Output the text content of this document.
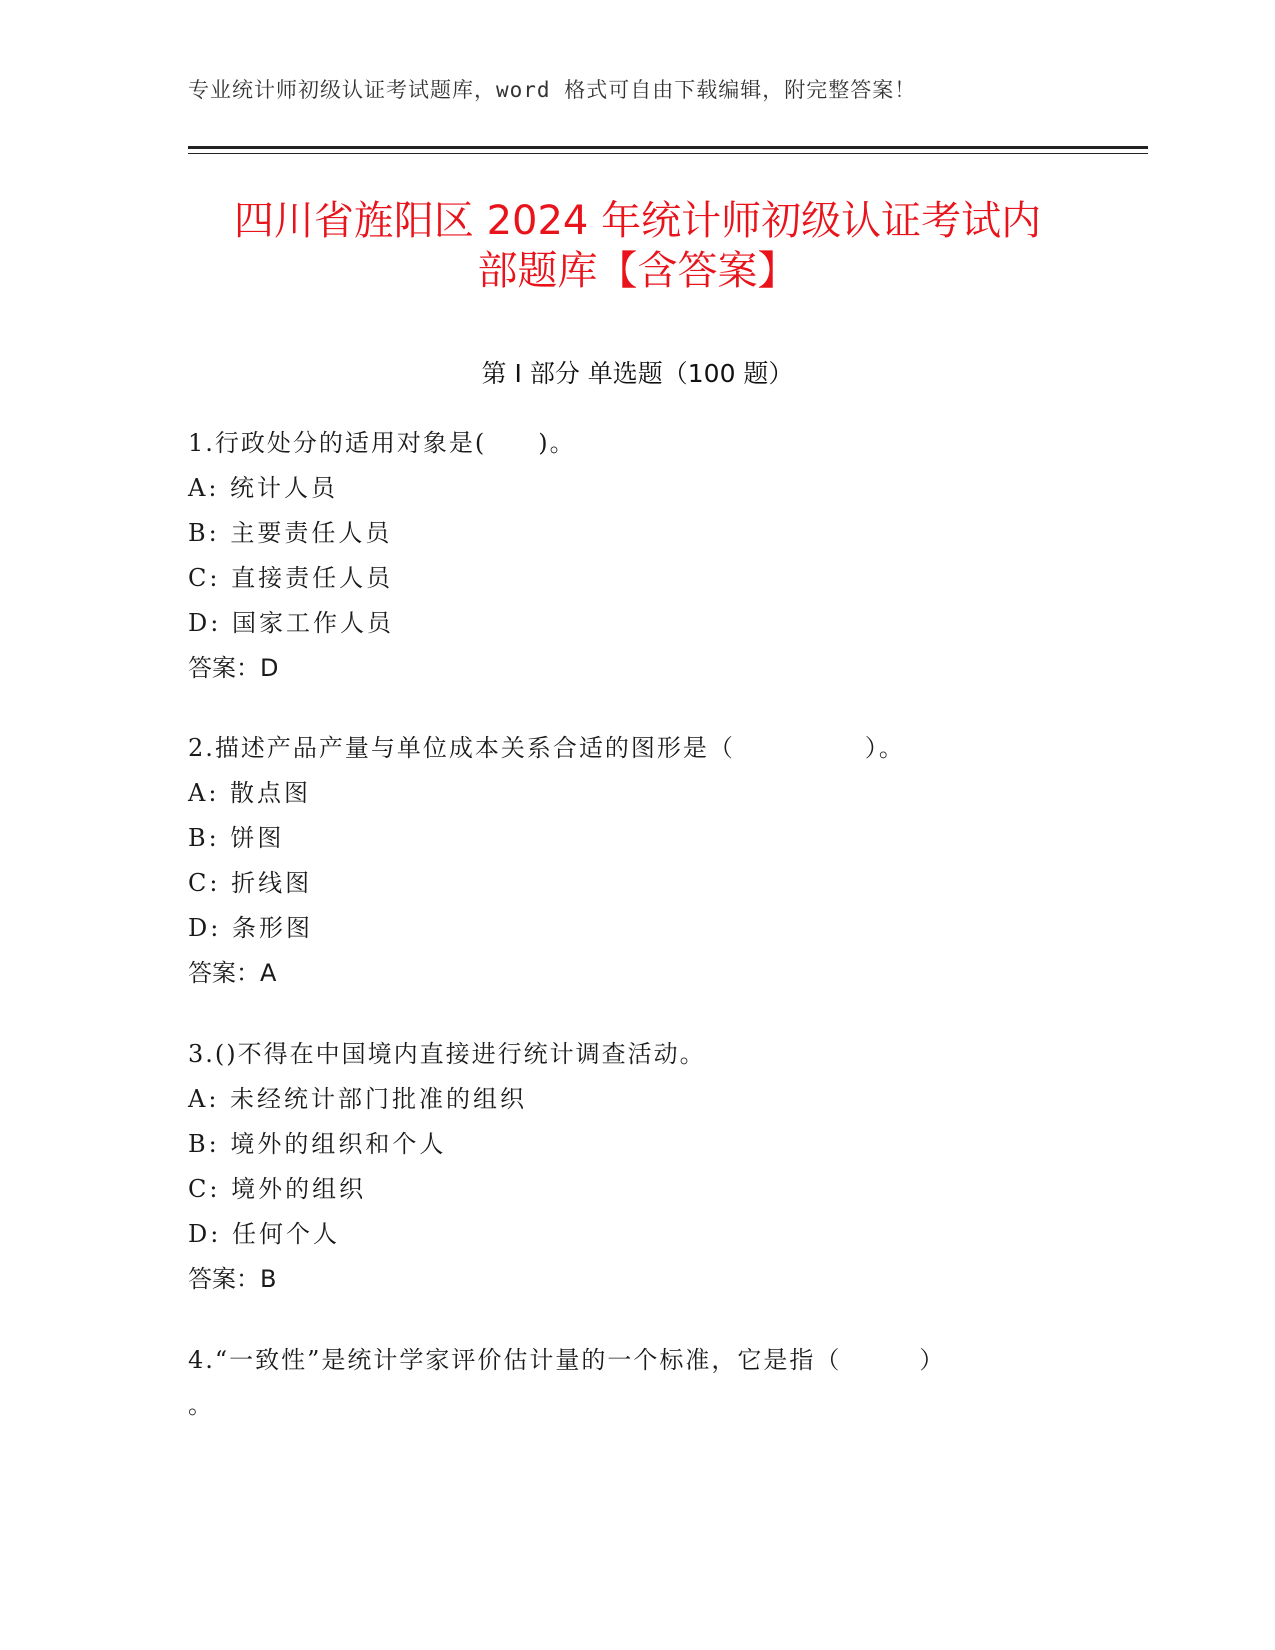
专业统计师初级认证考试题库，word 格式可自由下载编辑，附完整答案！
四川省旌阳区 2024 年统计师初级认证考试内
部题库【含答案】
第 I 部分 单选题（100 题）
1.行政处分的适用对象是(　　)。
A: 统计人员
B: 主要责任人员
C: 直接责任人员
D: 国家工作人员
答案：D
2.描述产品产量与单位成本关系合适的图形是（　　　　　）。
A: 散点图
B: 饼图
C: 折线图
D: 条形图
答案：A
3.()不得在中国境内直接进行统计调查活动。
A: 未经统计部门批准的组织
B: 境外的组织和个人
C: 境外的组织
D: 任何个人
答案：B
4.“一致性”是统计学家评价估计量的一个标准，它是指（　　　）
。
